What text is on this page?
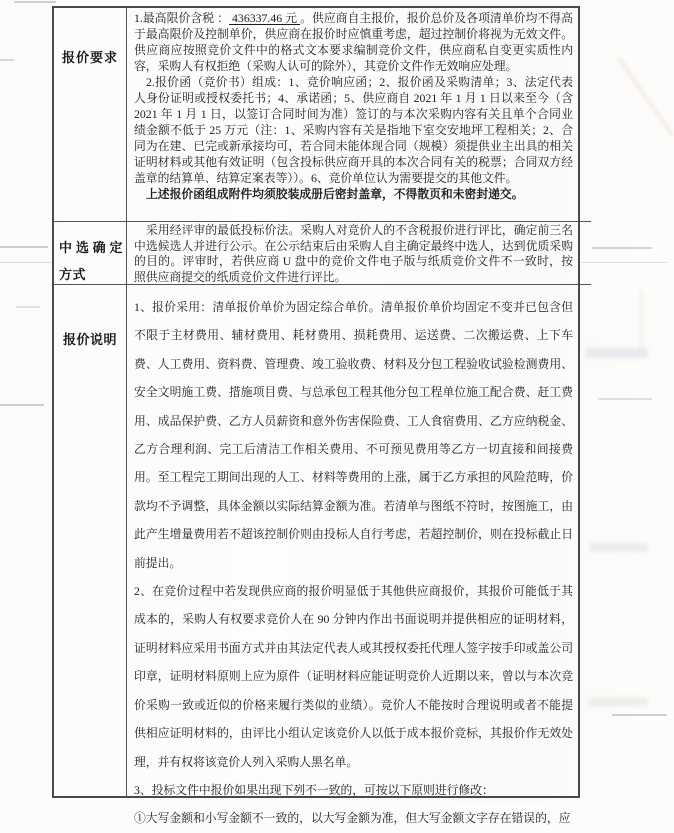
报价要求

1.最高限价含税 ： 436337.46 元 。供应商自主报价，报价总价及各项清单价均不得高于最高限价及控制单价，供应商在报价时应慎重考虑，超过控制价将视为无效文件。供应商应按照竞价文件中的格式文本要求编制竞价文件，供应商私自变更实质性内容，采购人有权拒绝（采购人认可的除外），其竞价文件作无效响应处理。

2.报价函（竞价书）组成：1、竞价响应函；2、报价函及采购清单；3、法定代表人身份证明或授权委托书；4、承诺函；5、供应商自 2021 年 1 月 1 日以来至今（含 2021 年 1 月 1 日，以签订合同时间为准）签订的与本次采购内容有关且单个合同业绩金额不低于 25 万元（注：1、采购内容有关是指地下室交安地坪工程相关；2、合同为在建、已完或新承接均可，若合同未能体现合同（规模）须提供业主出具的相关证明材料或其他有效证明（包含投标供应商开具的本次合同有关的税票；合同双方经盖章的结算单、结算定案表等））。6、竞价单位认为需要提交的其他文件。

上述报价函组成附件均须胶装成册后密封盖章，不得散页和未密封递交。

中选确定方式

采用经评审的最低投标价法。采购人对竞价人的不含税报价进行评比，确定前三名中选候选人并进行公示。在公示结束后由采购人自主确定最终中选人，达到优质采购的目的。评审时，若供应商 U 盘中的竞价文件电子版与纸质竞价文件不一致时，按照供应商提交的纸质竞价文件进行评比。

报价说明

1、报价采用：清单报价单价为固定综合单价。清单报价单价均固定不变并已包含但不限于主材费用、辅材费用、耗材费用、损耗费用、运送费、二次搬运费、上下车费、人工费用、资料费、管理费、竣工验收费、材料及分包工程验收试验检测费用、安全文明施工费、措施项目费、与总承包工程其他分包工程单位施工配合费、赶工费用、成品保护费、乙方人员薪资和意外伤害保险费、工人食宿费用、乙方应纳税金、乙方合理利润、完工后清洁工作相关费用、不可预见费用等乙方一切直接和间接费用。至工程完工期间出现的人工、材料等费用的上涨，属于乙方承担的风险范畴，价款均不予调整，具体金额以实际结算金额为准。若清单与图纸不符时，按图施工，由此产生增量费用若不超该控制价则由投标人自行考虑，若超控制价，则在投标截止日前提出。

2、在竞价过程中若发现供应商的报价明显低于其他供应商报价，其报价可能低于其成本的，采购人有权要求竞价人在 90 分钟内作出书面说明并提供相应的证明材料，证明材料应采用书面方式并由其法定代表人或其授权委托代理人签字按手印或盖公司印章，证明材料原则上应为原件（证明材料应能证明竞价人近期以来，曾以与本次竞价采购一致或近似的价格来履行类似的业绩）。竞价人不能按时合理说明或者不能提供相应证明材料的，由评比小组认定该竞价人以低于成本报价竞标，其报价作无效处理，并有权将该竞价人列入采购人黑名单。

3、投标文件中报价如果出现下列不一致的，可按以下原则进行修改：

①大写金额和小写金额不一致的，以大写金额为准，但大写金额文字存在错误的，应
